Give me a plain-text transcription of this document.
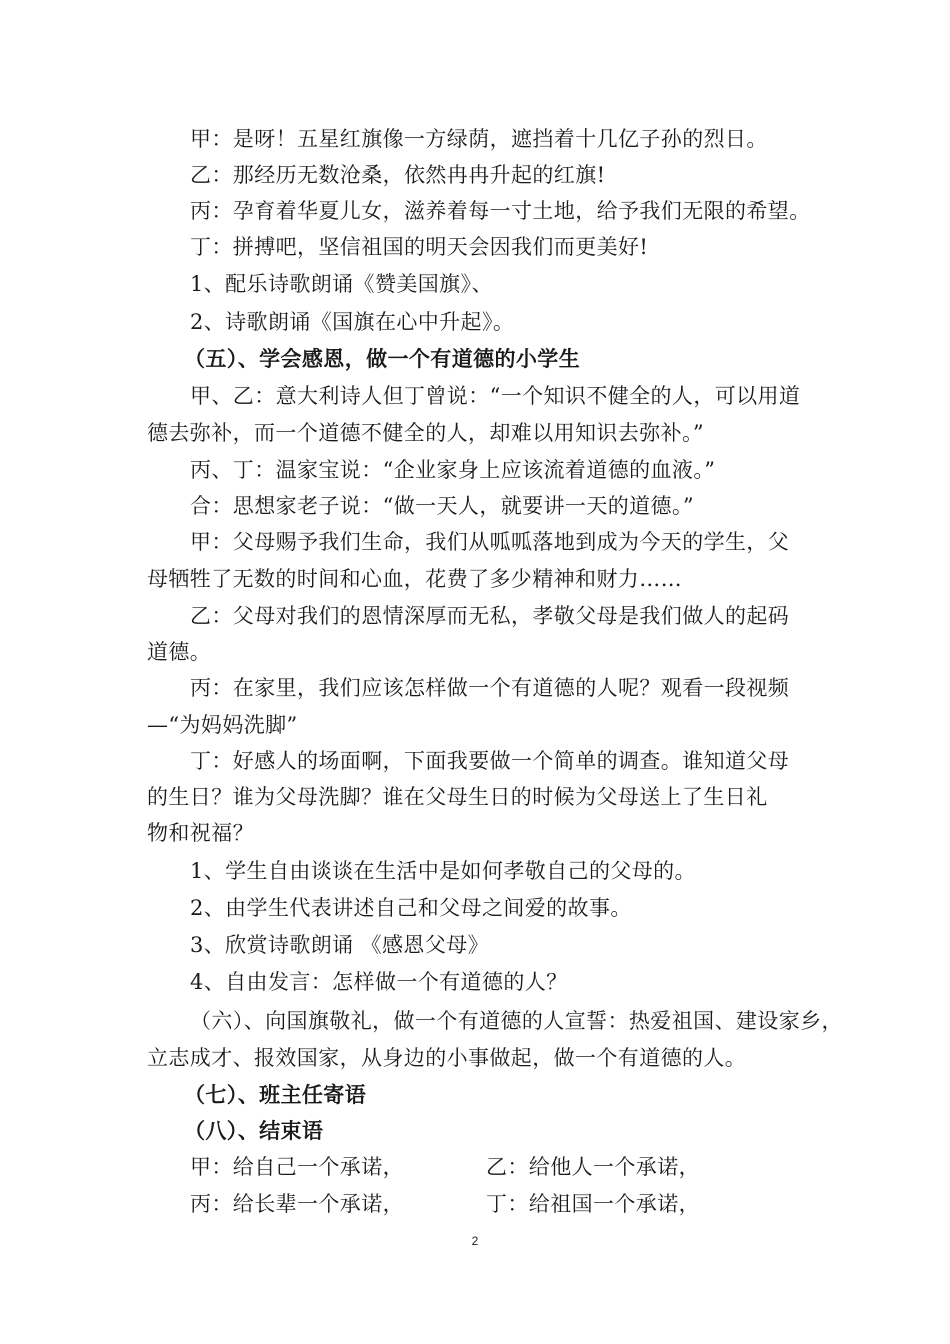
甲：是呀！五星红旗像一方绿荫，遮挡着十几亿子孙的烈日。
乙：那经历无数沧桑，依然冉冉升起的红旗!
丙：孕育着华夏儿女，滋养着每一寸土地，给予我们无限的希望。
丁：拼搏吧，坚信祖国的明天会因我们而更美好!
1、配乐诗歌朗诵《赞美国旗》、
2、诗歌朗诵《国旗在心中升起》。
（五）、学会感恩，做一个有道德的小学生
甲、乙：意大利诗人但丁曾说：“一个知识不健全的人，可以用道
德去弥补，而一个道德不健全的人，却难以用知识去弥补。”
丙、丁：温家宝说：“企业家身上应该流着道德的血液。”
合：思想家老子说：“做一天人，就要讲一天的道德。”
甲：父母赐予我们生命，我们从呱呱落地到成为今天的学生，父
母牺牲了无数的时间和心血，花费了多少精神和财力……
乙：父母对我们的恩情深厚而无私，孝敬父母是我们做人的起码
道德。
丙：在家里，我们应该怎样做一个有道德的人呢？观看一段视频
—“为妈妈洗脚”
丁：好感人的场面啊，下面我要做一个简单的调查。谁知道父母
的生日？谁为父母洗脚？谁在父母生日的时候为父母送上了生日礼
物和祝福？
1、学生自由谈谈在生活中是如何孝敬自己的父母的。
2、由学生代表讲述自己和父母之间爱的故事。
3、欣赏诗歌朗诵 《感恩父母》
4、自由发言：怎样做一个有道德的人？
（六）、向国旗敬礼，做一个有道德的人宣誓：热爱祖国、建设家乡，
立志成才、报效国家，从身边的小事做起，做一个有道德的人。
（七）、班主任寄语
（八）、结束语
甲：给自己一个承诺，	乙：给他人一个承诺，
丙：给长辈一个承诺，	丁：给祖国一个承诺，
2
